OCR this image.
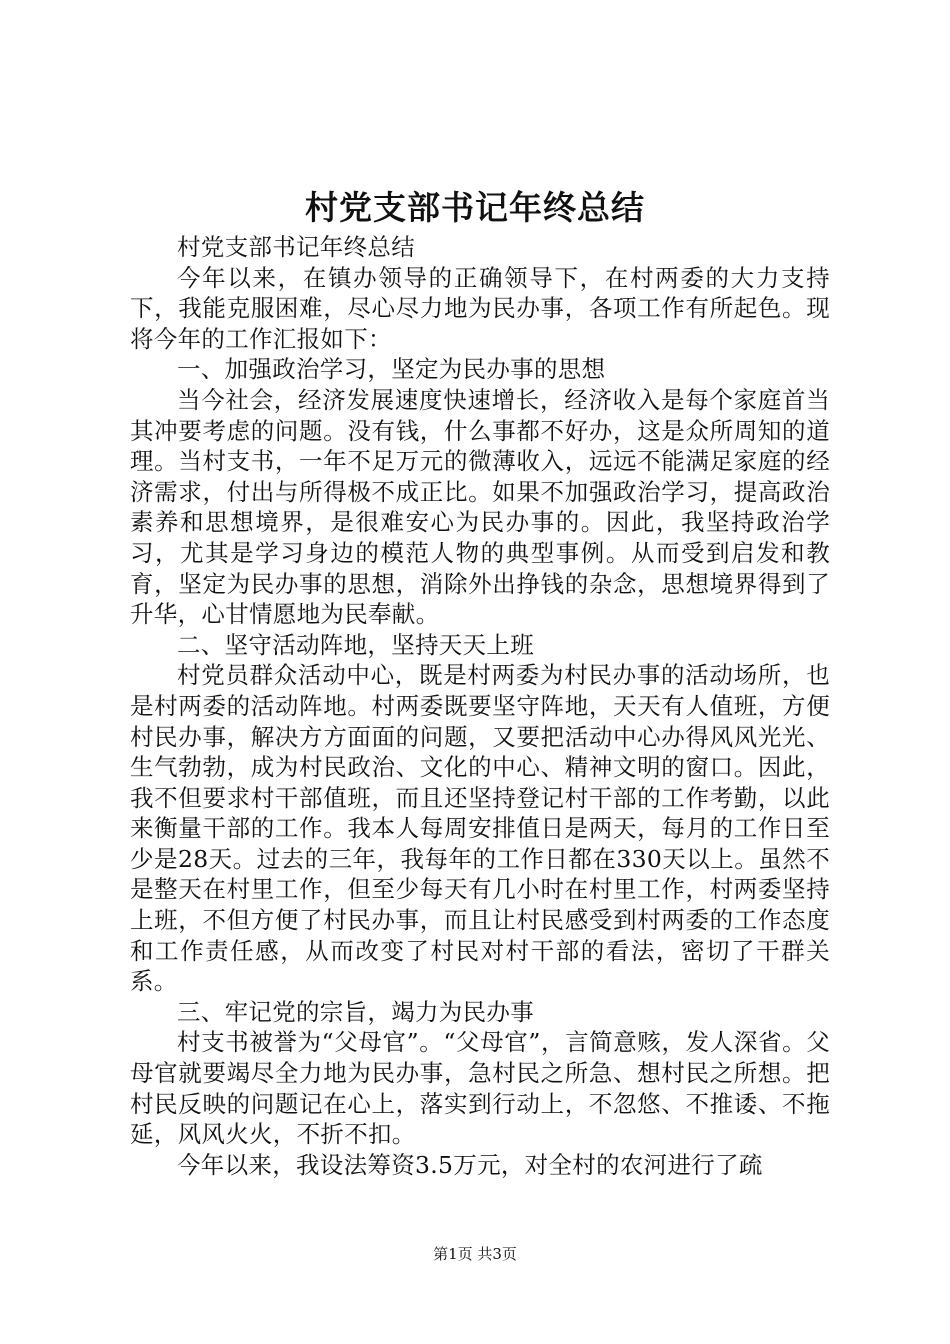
村党支部书记年终总结

村党支部书记年终总结

今年以来，在镇办领导的正确领导下，在村两委的大力支持下，我能克服困难，尽心尽力地为民办事，各项工作有所起色。现将今年的工作汇报如下：

一、加强政治学习，坚定为民办事的思想

当今社会，经济发展速度快速增长，经济收入是每个家庭首当其冲要考虑的问题。没有钱，什么事都不好办，这是众所周知的道理。当村支书，一年不足万元的微薄收入，远远不能满足家庭的经济需求，付出与所得极不成正比。如果不加强政治学习，提高政治素养和思想境界，是很难安心为民办事的。因此，我坚持政治学习，尤其是学习身边的模范人物的典型事例。从而受到启发和教育，坚定为民办事的思想，消除外出挣钱的杂念，思想境界得到了升华，心甘情愿地为民奉献。

二、坚守活动阵地，坚持天天上班

村党员群众活动中心，既是村两委为村民办事的活动场所，也是村两委的活动阵地。村两委既要坚守阵地，天天有人值班，方便村民办事，解决方方面面的问题，又要把活动中心办得风风光光、生气勃勃，成为村民政治、文化的中心、精神文明的窗口。因此，我不但要求村干部值班，而且还坚持登记村干部的工作考勤，以此来衡量干部的工作。我本人每周安排值日是两天，每月的工作日至少是28天。过去的三年，我每年的工作日都在330天以上。虽然不是整天在村里工作，但至少每天有几小时在村里工作，村两委坚持上班，不但方便了村民办事，而且让村民感受到村两委的工作态度和工作责任感，从而改变了村民对村干部的看法，密切了干群关系。

三、牢记党的宗旨，竭力为民办事

村支书被誉为“父母官”。“父母官”，言简意赅，发人深省。父母官就要竭尽全力地为民办事，急村民之所急、想村民之所想。把村民反映的问题记在心上，落实到行动上，不忽悠、不推诿、不拖延，风风火火，不折不扣。

今年以来，我设法筹资3.5万元，对全村的农河进行了疏

第1页 共3页
